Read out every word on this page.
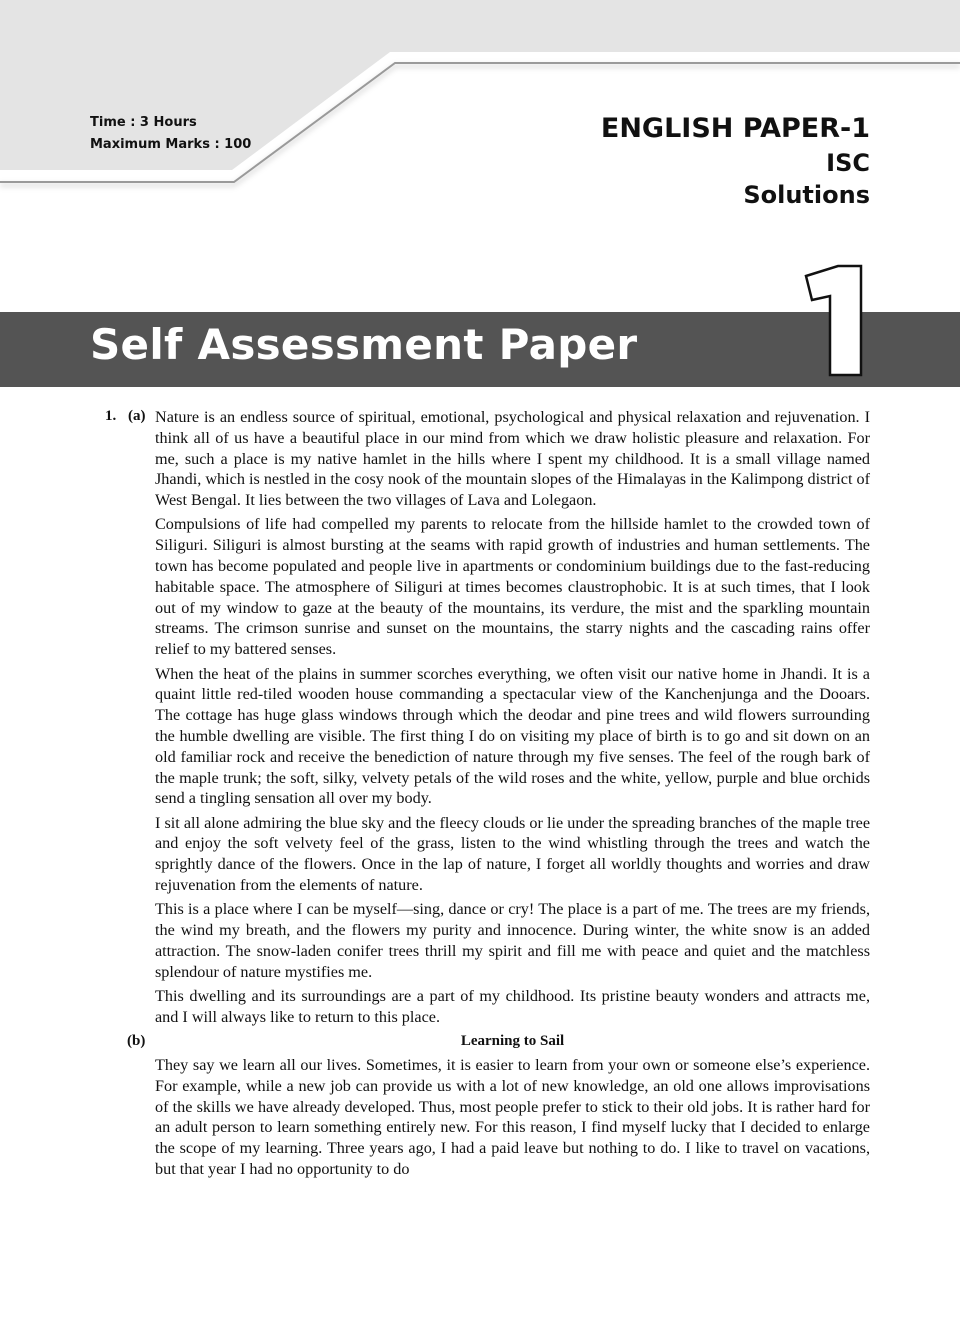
Time : 3 Hours
Maximum Marks : 100
ENGLISH PAPER-1
ISC
Solutions
Self Assessment Paper
1. (a) Nature is an endless source of spiritual, emotional, psychological and physical relaxation and rejuvenation. I think all of us have a beautiful place in our mind from which we draw holistic pleasure and relaxation. For me, such a place is my native hamlet in the hills where I spent my childhood. It is a small village named Jhandi, which is nestled in the cosy nook of the mountain slopes of the Himalayas in the Kalimpong district of West Bengal. It lies between the two villages of Lava and Lolegaon.

Compulsions of life had compelled my parents to relocate from the hillside hamlet to the crowded town of Siliguri. Siliguri is almost bursting at the seams with rapid growth of industries and human settlements. The town has become populated and people live in apartments or condominium buildings due to the fast-reducing habitable space. The atmosphere of Siliguri at times becomes claustrophobic. It is at such times, that I look out of my window to gaze at the beauty of the mountains, its verdure, the mist and the sparkling mountain streams. The crimson sunrise and sunset on the mountains, the starry nights and the cascading rains offer relief to my battered senses.

When the heat of the plains in summer scorches everything, we often visit our native home in Jhandi. It is a quaint little red-tiled wooden house commanding a spectacular view of the Kanchenjunga and the Dooars. The cottage has huge glass windows through which the deodar and pine trees and wild flowers surrounding the humble dwelling are visible. The first thing I do on visiting my place of birth is to go and sit down on an old familiar rock and receive the benediction of nature through my five senses. The feel of the rough bark of the maple trunk; the soft, silky, velvety petals of the wild roses and the white, yellow, purple and blue orchids send a tingling sensation all over my body.

I sit all alone admiring the blue sky and the fleecy clouds or lie under the spreading branches of the maple tree and enjoy the soft velvety feel of the grass, listen to the wind whistling through the trees and watch the sprightly dance of the flowers. Once in the lap of nature, I forget all worldly thoughts and worries and draw rejuvenation from the elements of nature.

This is a place where I can be myself—sing, dance or cry! The place is a part of me. The trees are my friends, the wind my breath, and the flowers my purity and innocence. During winter, the white snow is an added attraction. The snow-laden conifer trees thrill my spirit and fill me with peace and quiet and the matchless splendour of nature mystifies me.

This dwelling and its surroundings are a part of my childhood. Its pristine beauty wonders and attracts me, and I will always like to return to this place.

(b)	Learning to Sail

They say we learn all our lives. Sometimes, it is easier to learn from your own or someone else’s experience. For example, while a new job can provide us with a lot of new knowledge, an old one allows improvisations of the skills we have already developed. Thus, most people prefer to stick to their old jobs. It is rather hard for an adult person to learn something entirely new. For this reason, I find myself lucky that I decided to enlarge the scope of my learning. Three years ago, I had a paid leave but nothing to do. I like to travel on vacations, but that year I had no opportunity to do
